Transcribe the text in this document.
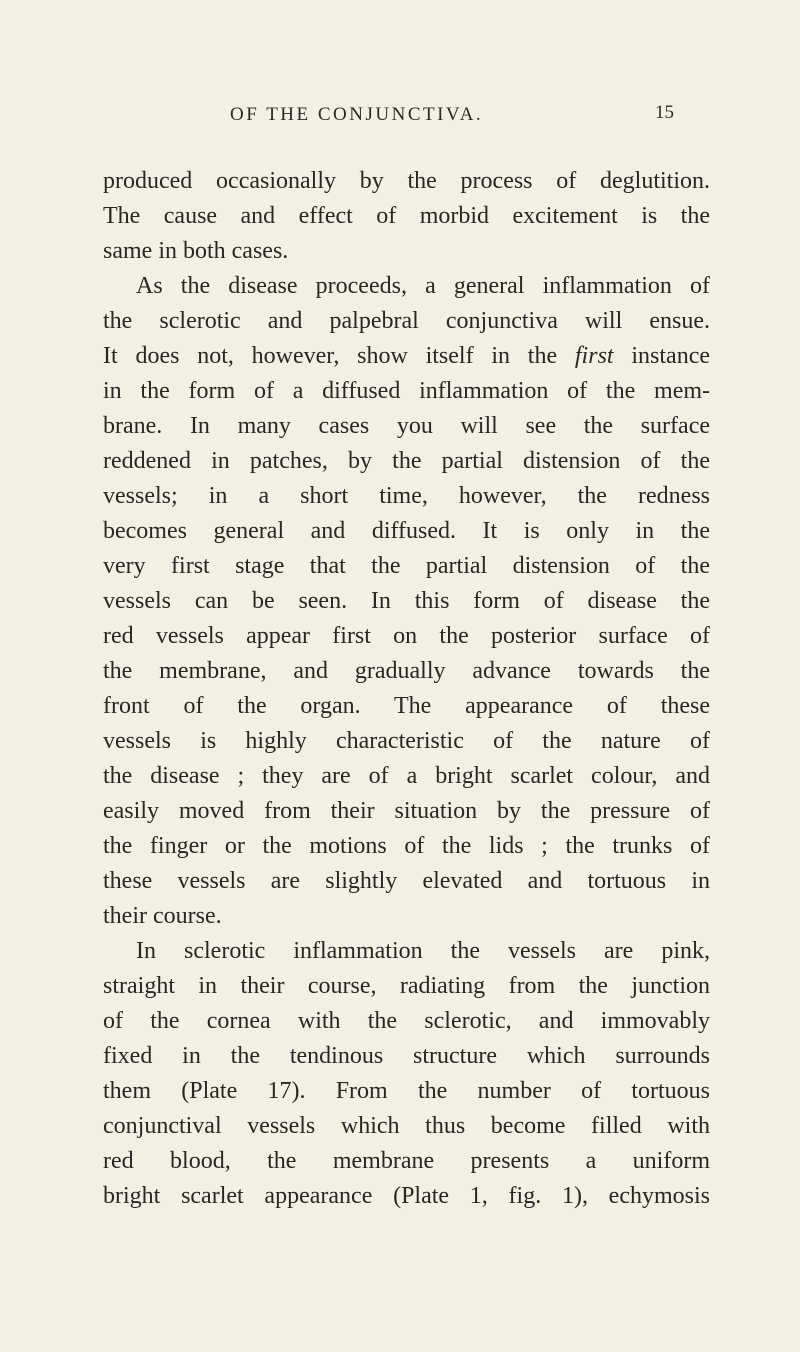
OF THE CONJUNCTIVA.	15
produced occasionally by the process of deglutition.
The cause and effect of morbid excitement is the
same in both cases.
As the disease proceeds, a general inflammation of
the sclerotic and palpebral conjunctiva will ensue.
It does not, however, show itself in the first instance
in the form of a diffused inflammation of the mem-
brane. In many cases you will see the surface
reddened in patches, by the partial distension of the
vessels; in a short time, however, the redness
becomes general and diffused. It is only in the
very first stage that the partial distension of the
vessels can be seen. In this form of disease the
red vessels appear first on the posterior surface of
the membrane, and gradually advance towards the
front of the organ. The appearance of these
vessels is highly characteristic of the nature of
the disease ; they are of a bright scarlet colour, and
easily moved from their situation by the pressure of
the finger or the motions of the lids ; the trunks of
these vessels are slightly elevated and tortuous in
their course.
In sclerotic inflammation the vessels are pink,
straight in their course, radiating from the junction
of the cornea with the sclerotic, and immovably
fixed in the tendinous structure which surrounds
them (Plate 17). From the number of tortuous
conjunctival vessels which thus become filled with
red blood, the membrane presents a uniform
bright scarlet appearance (Plate 1, fig. 1), echymosis
